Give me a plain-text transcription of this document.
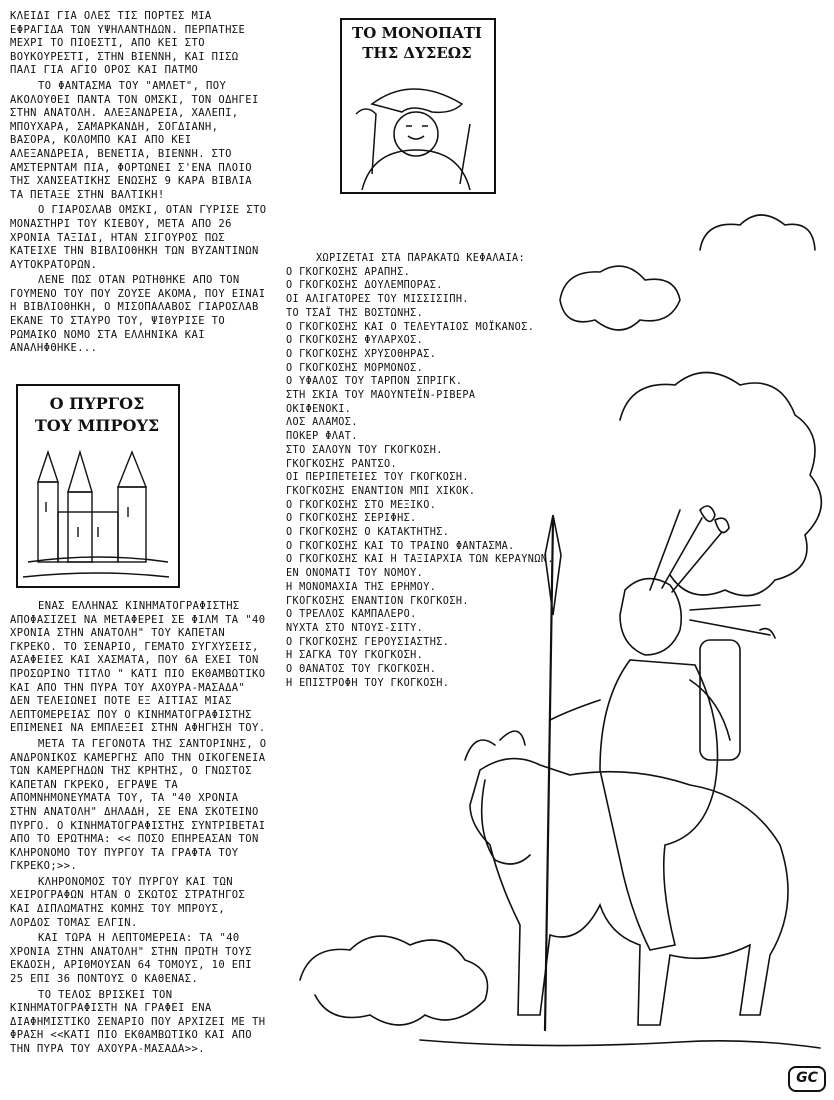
ΚΛΕΙΔΙ ΓΙΑ ΟΛΕΣ ΤΙΣ ΠΟΡΤΕΣ ΜΙΑ ΕΦΡΑΓΙΔΑ ΤΩΝ ΥΨΗΛΑΝΤΗΔΩΝ. ΠΕΡΠΑΤΗΣΕ ΜΕΧΡΙ ΤΟ ΠΙΟΕΣΤΙ, ΑΠΟ ΚΕΙ ΣΤΟ ΒΟΥΚΟΥΡΕΣΤΙ, ΣΤΗΝ ΒΙΕΝΝΗ, ΚΑΙ ΠΙΣΩ ΠΑΛΙ ΓΙΑ ΑΓΙΟ ΟΡΟΣ ΚΑΙ ΠΑΤΜΟ

ΤΟ ΦΑΝΤΑΣΜΑ ΤΟΥ "ΑΜΛΕΤ", ΠΟΥ ΑΚΟΛΟΥΘΕΙ ΠΑΝΤΑ ΤΟΝ ΟΜΣΚΙ, ΤΟΝ ΟΔΗΓΕΙ ΣΤΗΝ ΑΝΑΤΟΛΗ. ΑΛΕΞΑΝΔΡΕΙΑ, ΧΑΛΕΠΙ, ΜΠΟΥΧΑΡΑ, ΣΑΜΑΡΚΑΝΔΗ, ΣΟΓΔΙΑΝΗ, ΒΑΣΟΡΑ, ΚΟΛΟΜΠΟ ΚΑΙ ΑΠΟ ΚΕΙ ΑΛΕΞΑΝΔΡΕΙΑ, ΒΕΝΕΤΙΑ, ΒΙΕΝΝΗ. ΣΤΟ ΑΜΣΤΕΡΝΤΑΜ ΠΙΑ, ΦΟΡΤΩΝΕΙ Σ'ΕΝΑ ΠΛΟΙΟ ΤΗΣ ΧΑΝΣΕΑΤΙΚΗΣ ΕΝΩΣΗΣ 9 ΚΑΡΑ ΒΙΒΛΙΑ ΤΑ ΠΕΤΑΞΕ ΣΤΗΝ ΒΑΛΤΙΚΗ!

Ο ΓΙΑΡΟΣΛΑΒ ΟΜΣΚΙ, ΟΤΑΝ ΓΥΡΙΣΕ ΣΤΟ ΜΟΝΑΣΤΗΡΙ ΤΟΥ ΚΙΕΒΟΥ, ΜΕΤΑ ΑΠΟ 26 ΧΡΟΝΙΑ ΤΑΞΙΔΙ, ΗΤΑΝ ΣΙΓΟΥΡΟΣ ΠΩΣ ΚΑΤΕΙΧΕ ΤΗΝ ΒΙΒΛΙΟΘΗΚΗ ΤΩΝ ΒΥΖΑΝΤΙΝΩΝ ΑΥΤΟΚΡΑΤΟΡΩΝ.

ΛΕΝΕ ΠΩΣ ΟΤΑΝ ΡΩΤΗΘΗΚΕ ΑΠΟ ΤΟΝ ΓΟΥΜΕΝΟ ΤΟΥ ΠΟΥ ΖΟΥΣΕ ΑΚΟΜΑ, ΠΟΥ ΕΙΝΑΙ Η ΒΙΒΛΙΟΘΗΚΗ, Ο ΜΙΣΟΠΑΛΑΒΟΣ ΓΙΑΡΟΣΛΑΒ ΕΚΑΝΕ ΤΟ ΣΤΑΥΡΟ ΤΟΥ, ΨΙΘΥΡΙΣΕ ΤΟ ΡΩΜΑΙΚΟ ΝΟΜΟ ΣΤΑ ΕΛΛΗΝΙΚΑ ΚΑΙ ΑΝΑΛΗΦΘΗΚΕ...

ΤΟ ΜΟΝΟΠΑΤΙ
ΤΗΣ ΔΥΣΕΩΣ
Ο ΠΥΡΓΟΣ
ΤΟΥ ΜΠΡΟΥΣ
ΧΩΡΙΖΕΤΑΙ ΣΤΑ ΠΑΡΑΚΑΤΩ ΚΕΦΑΛΑΙΑ:
Ο ΓΚΟΓΚΟΣΗΣ ΑΡΑΠΗΣ.
Ο ΓΚΟΓΚΟΣΗΣ ΔΟΥΛΕΜΠΟΡΑΣ.
ΟΙ ΑΛΙΓΑΤΟΡΕΣ ΤΟΥ ΜΙΣΣΙΣΙΠΗ.
ΤΟ ΤΣΑΪ ΤΗΣ ΒΟΣΤΩΝΗΣ.
Ο ΓΚΟΓΚΟΣΗΣ ΚΑΙ Ο ΤΕΛΕΥΤΑΙΟΣ ΜΟΪΚΑΝΟΣ.
Ο ΓΚΟΓΚΟΣΗΣ ΦΥΛΑΡΧΟΣ.
Ο ΓΚΟΓΚΟΣΗΣ ΧΡΥΣΟΘΗΡΑΣ.
Ο ΓΚΟΓΚΟΣΗΣ ΜΟΡΜΟΝΟΣ.
Ο ΥΦΑΛΟΣ ΤΟΥ ΤΑΡΠΟΝ ΣΠΡΙΓΚ.
ΣΤΗ ΣΚΙΑ ΤΟΥ ΜΑΟΥΝΤΕΪΝ-ΡΙΒΕΡΑ
ΟΚΙΦΕΝΟΚΙ.
ΛΟΣ ΑΛΑΜΟΣ.
ΠΟΚΕΡ ΦΛΑΤ.
ΣΤΟ ΣΑΛΟΥΝ ΤΟΥ ΓΚΟΓΚΟΣΗ.
ΓΚΟΓΚΟΣΗΣ ΡΑΝΤΣΟ.
ΟΙ ΠΕΡΙΠΕΤΕΙΕΣ ΤΟΥ ΓΚΟΓΚΟΣΗ.
ΓΚΟΓΚΟΣΗΣ ΕΝΑΝΤΙΟΝ ΜΠΙ ΧΙΚΟΚ.
Ο ΓΚΟΓΚΟΣΗΣ ΣΤΟ ΜΕΞΙΚΟ.
Ο ΓΚΟΓΚΟΣΗΣ ΣΕΡΙΦΗΣ.
Ο ΓΚΟΓΚΟΣΗΣ Ο ΚΑΤΑΚΤΗΤΗΣ.
Ο ΓΚΟΓΚΟΣΗΣ ΚΑΙ ΤΟ ΤΡΑΙΝΟ ΦΑΝΤΑΣΜΑ.
Ο ΓΚΟΓΚΟΣΗΣ ΚΑΙ Η ΤΑΞΙΑΡΧΙΑ ΤΩΝ ΚΕΡΑΥΝΩΝ.
ΕΝ ΟΝΟΜΑΤΙ ΤΟΥ ΝΟΜΟΥ.
Η ΜΟΝΟΜΑΧΙΑ ΤΗΣ ΕΡΗΜΟΥ.
ΓΚΟΓΚΟΣΗΣ ΕΝΑΝΤΙΟΝ ΓΚΟΓΚΟΣΗ.
Ο ΤΡΕΛΛΟΣ ΚΑΜΠΑΛΕΡΟ.
ΝΥΧΤΑ ΣΤΟ ΝΤΟΥΣ-ΣΙΤΥ.
Ο ΓΚΟΓΚΟΣΗΣ ΓΕΡΟΥΣΙΑΣΤΗΣ.
Η ΣΑΓΚΑ ΤΟΥ ΓΚΟΓΚΟΣΗ.
Ο ΘΑΝΑΤΟΣ ΤΟΥ ΓΚΟΓΚΟΣΗ.
Η ΕΠΙΣΤΡΟΦΗ ΤΟΥ ΓΚΟΓΚΟΣΗ.

ΕΝΑΣ ΕΛΛΗΝΑΣ ΚΙΝΗΜΑΤΟΓΡΑΦΙΣΤΗΣ ΑΠΟΦΑΣΙΖΕΙ ΝΑ ΜΕΤΑΦΕΡΕΙ ΣΕ ΦΙΛΜ ΤΑ "40 ΧΡΟΝΙΑ ΣΤΗΝ ΑΝΑΤΟΛΗ" ΤΟΥ ΚΑΠΕΤΑΝ ΓΚΡΕΚΟ. ΤΟ ΣΕΝΑΡΙΟ, ΓΕΜΑΤΟ ΣΥΓΧΥΣΕΙΣ, ΑΣΑΦΕΙΕΣ ΚΑΙ ΧΑΣΜΑΤΑ, ΠΟΥ 6Α ΕΧΕΙ ΤΟΝ ΠΡΟΣΩΡΙΝΟ ΤΙΤΛΟ " ΚΑΤΙ ΠΙΟ ΕΚΘΑΜΒΩΤΙΚΟ ΚΑΙ ΑΠΟ ΤΗΝ ΠΥΡΑ ΤΟΥ ΑΧΟΥΡΑ-ΜΑΣΑΔΑ" ΔΕΝ ΤΕΛΕΙΩΝΕΙ ΠΟΤΕ ΕΞ ΑΙΤΙΑΣ ΜΙΑΣ ΛΕΠΤΟΜΕΡΕΙΑΣ ΠΟΥ Ο ΚΙΝΗΜΑΤΟΓΡΑΦΙΣΤΗΣ ΕΠΙΜΕΝΕΙ ΝΑ ΕΜΠΛΕΞΕΙ ΣΤΗΝ ΑΦΗΓΗΣΗ ΤΟΥ.

ΜΕΤΑ ΤΑ ΓΕΓΟΝΟΤΑ ΤΗΣ ΣΑΝΤΟΡΙΝΗΣ, Ο ΑΝΔΡΟΝΙΚΟΣ ΚΑΜΕΡΓΗΣ ΑΠΟ ΤΗΝ ΟΙΚΟΓΕΝΕΙΑ ΤΩΝ ΚΑΜΕΡΓΗΔΩΝ ΤΗΣ ΚΡΗΤΗΣ, Ο ΓΝΩΣΤΟΣ ΚΑΠΕΤΑΝ ΓΚΡΕΚΟ, ΕΓΡΑΨΕ ΤΑ ΑΠΟΜΝΗΜΟΝΕΥΜΑΤΑ ΤΟΥ, ΤΑ "40 ΧΡΟΝΙΑ ΣΤΗΝ ΑΝΑΤΟΛΗ" ΔΗΛΑΔΗ, ΣΕ ΕΝΑ ΣΚΟΤΕΙΝΟ ΠΥΡΓΟ. Ο ΚΙΝΗΜΑΤΟΓΡΑΦΙΣΤΗΣ ΣΥΝΤΡΙΒΕΤΑΙ ΑΠΟ ΤΟ ΕΡΩΤΗΜΑ: << ΠΟΣΟ ΕΠΗΡΕΑΣΑΝ ΤΟΝ ΚΛΗΡΟΝΟΜΟ ΤΟΥ ΠΥΡΓΟΥ ΤΑ ΓΡΑΦΤΑ ΤΟΥ ΓΚΡΕΚΟ;>>.

ΚΛΗΡΟΝΟΜΟΣ ΤΟΥ ΠΥΡΓΟΥ ΚΑΙ ΤΩΝ ΧΕΙΡΟΓΡΑΦΩΝ ΗΤΑΝ Ο ΣΚΩΤΟΣ ΣΤΡΑΤΗΓΟΣ ΚΑΙ ΔΙΠΛΩΜΑΤΗΣ ΚΟΜΗΣ ΤΟΥ ΜΠΡΟΥΣ, ΛΟΡΔΟΣ ΤΟΜΑΣ ΕΛΓΙΝ.

ΚΑΙ ΤΩΡΑ Η ΛΕΠΤΟΜΕΡΕΙΑ: ΤΑ "40 ΧΡΟΝΙΑ ΣΤΗΝ ΑΝΑΤΟΛΗ" ΣΤΗΝ ΠΡΩΤΗ ΤΟΥΣ ΕΚΔΟΣΗ, ΑΡΙΘΜΟΥΣΑΝ 64 ΤΟΜΟΥΣ, 10 ΕΠΙ 25 ΕΠΙ 36 ΠΟΝΤΟΥΣ Ο ΚΑΘΕΝΑΣ.

ΤΟ ΤΕΛΟΣ ΒΡΙΣΚΕΙ ΤΟΝ ΚΙΝΗΜΑΤΟΓΡΑΦΙΣΤΗ ΝΑ ΓΡΑΦΕΙ ΕΝΑ ΔΙΑΦΗΜΙΣΤΙΚΟ ΣΕΝΑΡΙΟ ΠΟΥ ΑΡΧΙΖΕΙ ΜΕ ΤΗ ΦΡΑΣΗ <<ΚΑΤΙ ΠΙΟ ΕΚΘΑΜΒΩΤΙΚΟ ΚΑΙ ΑΠΟ ΤΗΝ ΠΥΡΑ ΤΟΥ ΑΧΟΥΡΑ-ΜΑΣΑΔΑ>>.

GC
